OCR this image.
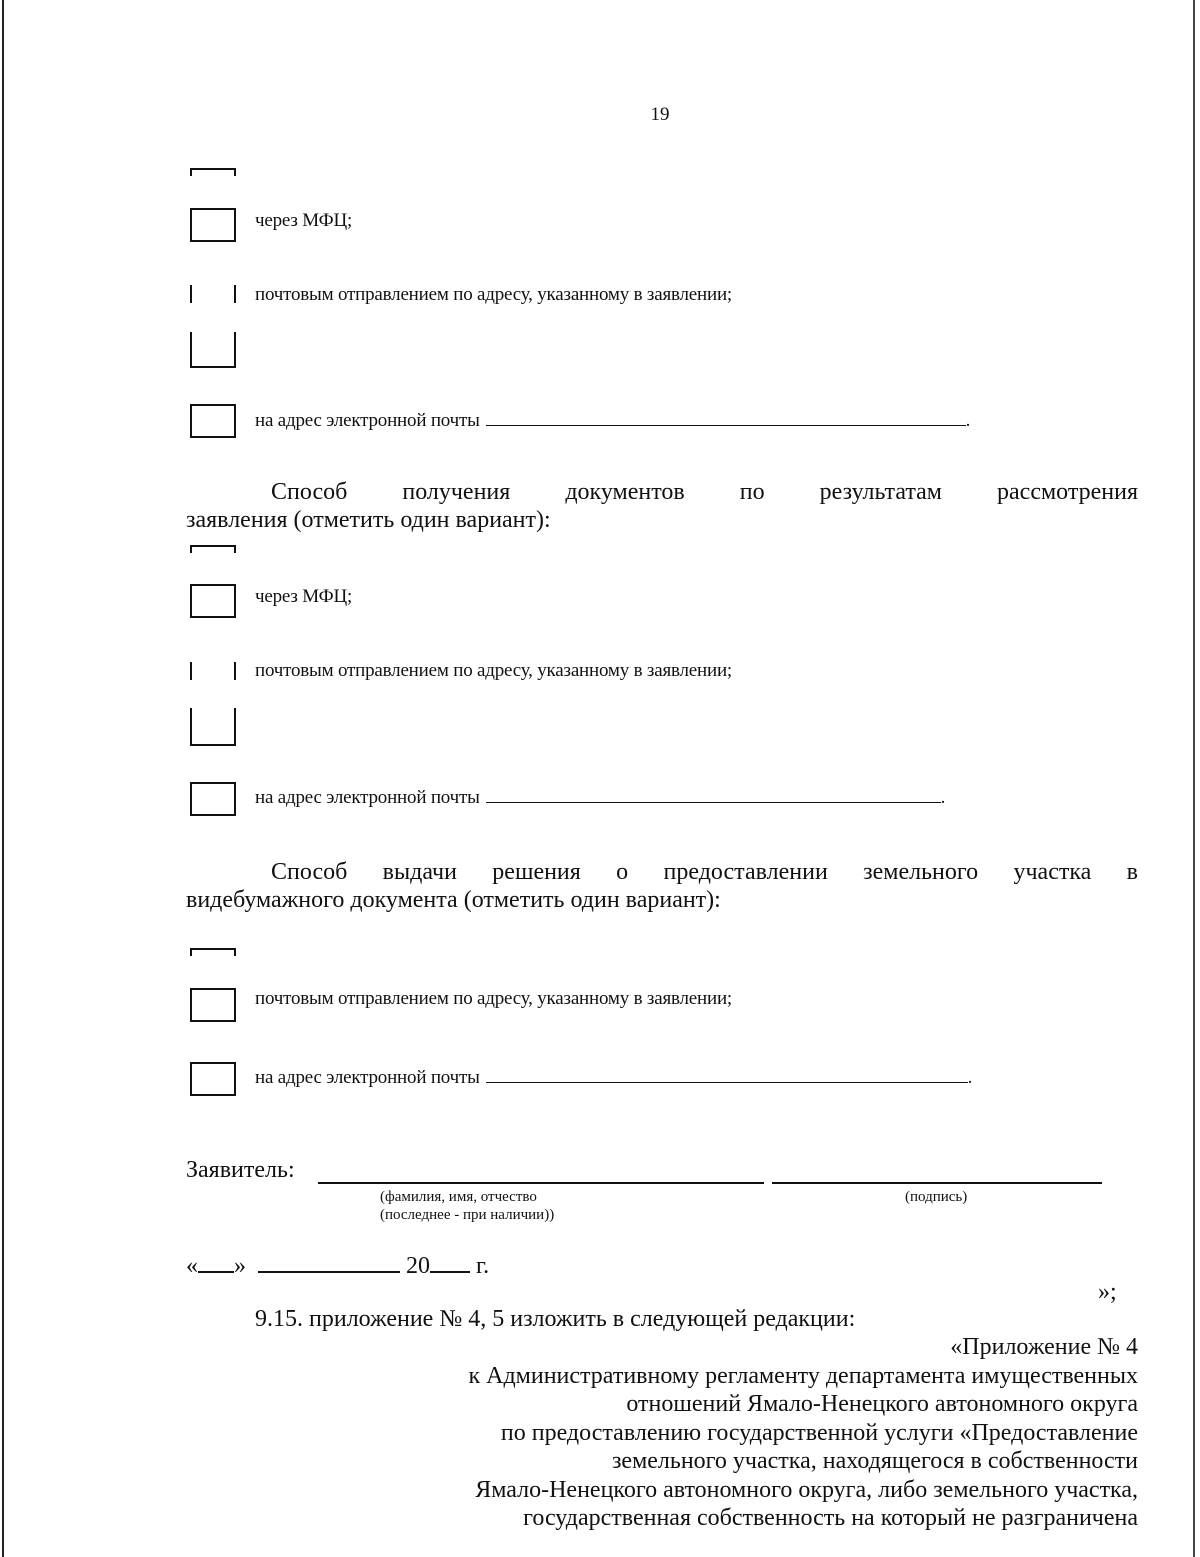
19
через МФЦ;
почтовым отправлением по адресу, указанному в заявлении;
на адрес электронной почты	.
Способ получения документов по результатам рассмотрения
заявления (отметить один вариант):
через МФЦ;
почтовым отправлением по адресу, указанному в заявлении;
на адрес электронной почты	.
Способ выдачи решения о предоставлении земельного участка в
видебумажного документа (отметить один вариант):
почтовым отправлением по адресу, указанному в заявлении;
на адрес электронной почты	.
Заявитель:
(фамилия, имя, отчество
(последнее - при наличии))
(подпись)
« »	20 г.
»;
9.15. приложение № 4, 5 изложить в следующей редакции:
«Приложение № 4
к Административному регламенту департамента имущественных
отношений Ямало-Ненецкого автономного округа
по предоставлению государственной услуги «Предоставление
земельного участка, находящегося в собственности
Ямало-Ненецкого автономного округа, либо земельного участка,
государственная собственность на который не разграничена
